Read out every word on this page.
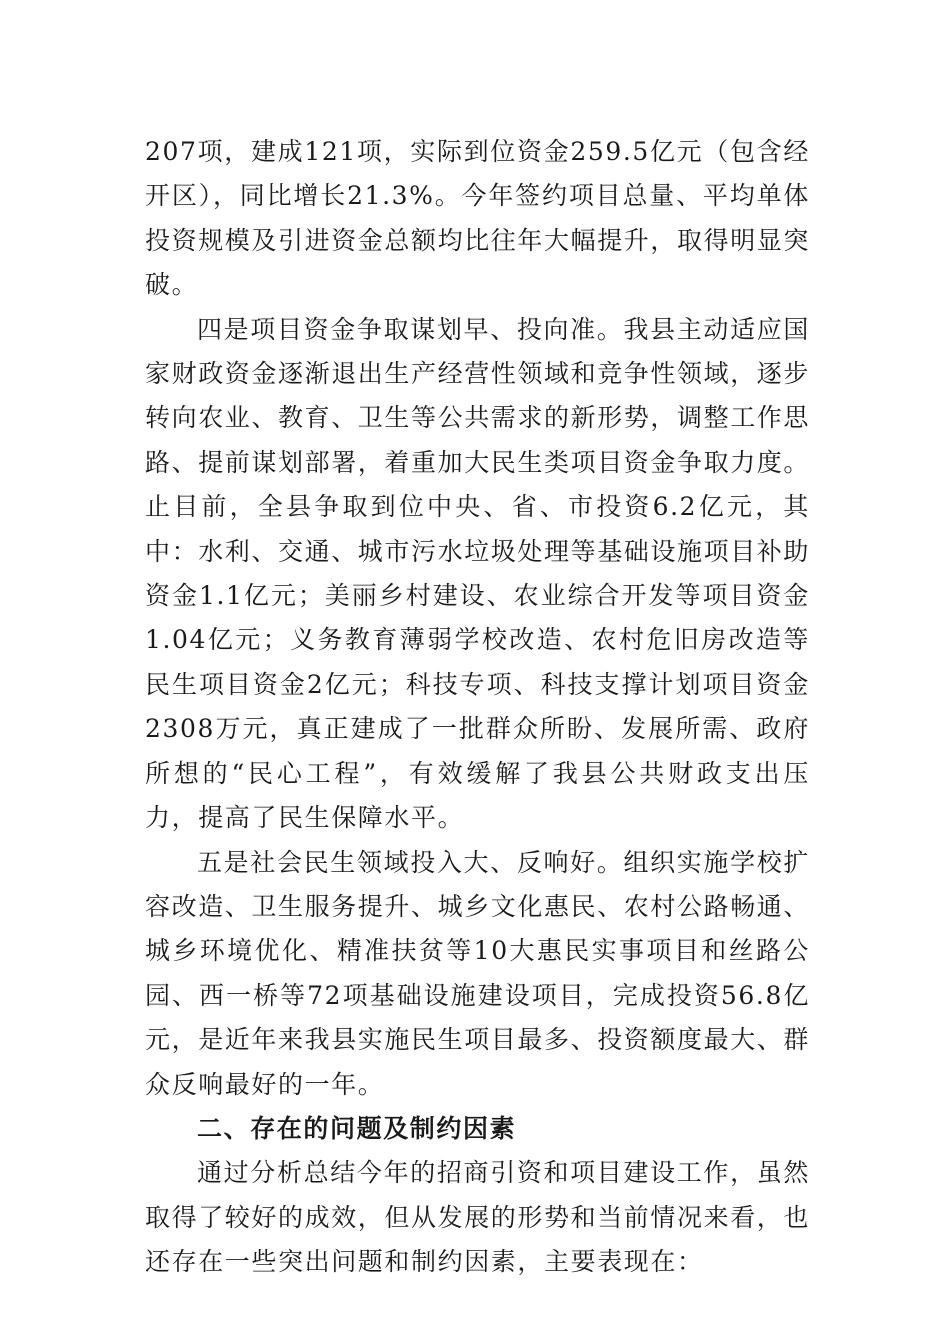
207项，建成121项，实际到位资金259.5亿元（包含经开区），同比增长21.3%。今年签约项目总量、平均单体投资规模及引进资金总额均比往年大幅提升，取得明显突破。

四是项目资金争取谋划早、投向准。我县主动适应国家财政资金逐渐退出生产经营性领域和竞争性领域，逐步转向农业、教育、卫生等公共需求的新形势，调整工作思路、提前谋划部署，着重加大民生类项目资金争取力度。止目前，全县争取到位中央、省、市投资6.2亿元，其中：水利、交通、城市污水垃圾处理等基础设施项目补助资金1.1亿元；美丽乡村建设、农业综合开发等项目资金1.04亿元；义务教育薄弱学校改造、农村危旧房改造等民生项目资金2亿元；科技专项、科技支撑计划项目资金2308万元，真正建成了一批群众所盼、发展所需、政府所想的“民心工程”，有效缓解了我县公共财政支出压力，提高了民生保障水平。

五是社会民生领域投入大、反响好。组织实施学校扩容改造、卫生服务提升、城乡文化惠民、农村公路畅通、城乡环境优化、精准扶贫等10大惠民实事项目和丝路公园、西一桥等72项基础设施建设项目，完成投资56.8亿元，是近年来我县实施民生项目最多、投资额度最大、群众反响最好的一年。

二、存在的问题及制约因素

通过分析总结今年的招商引资和项目建设工作，虽然取得了较好的成效，但从发展的形势和当前情况来看，也还存在一些突出问题和制约因素，主要表现在：
